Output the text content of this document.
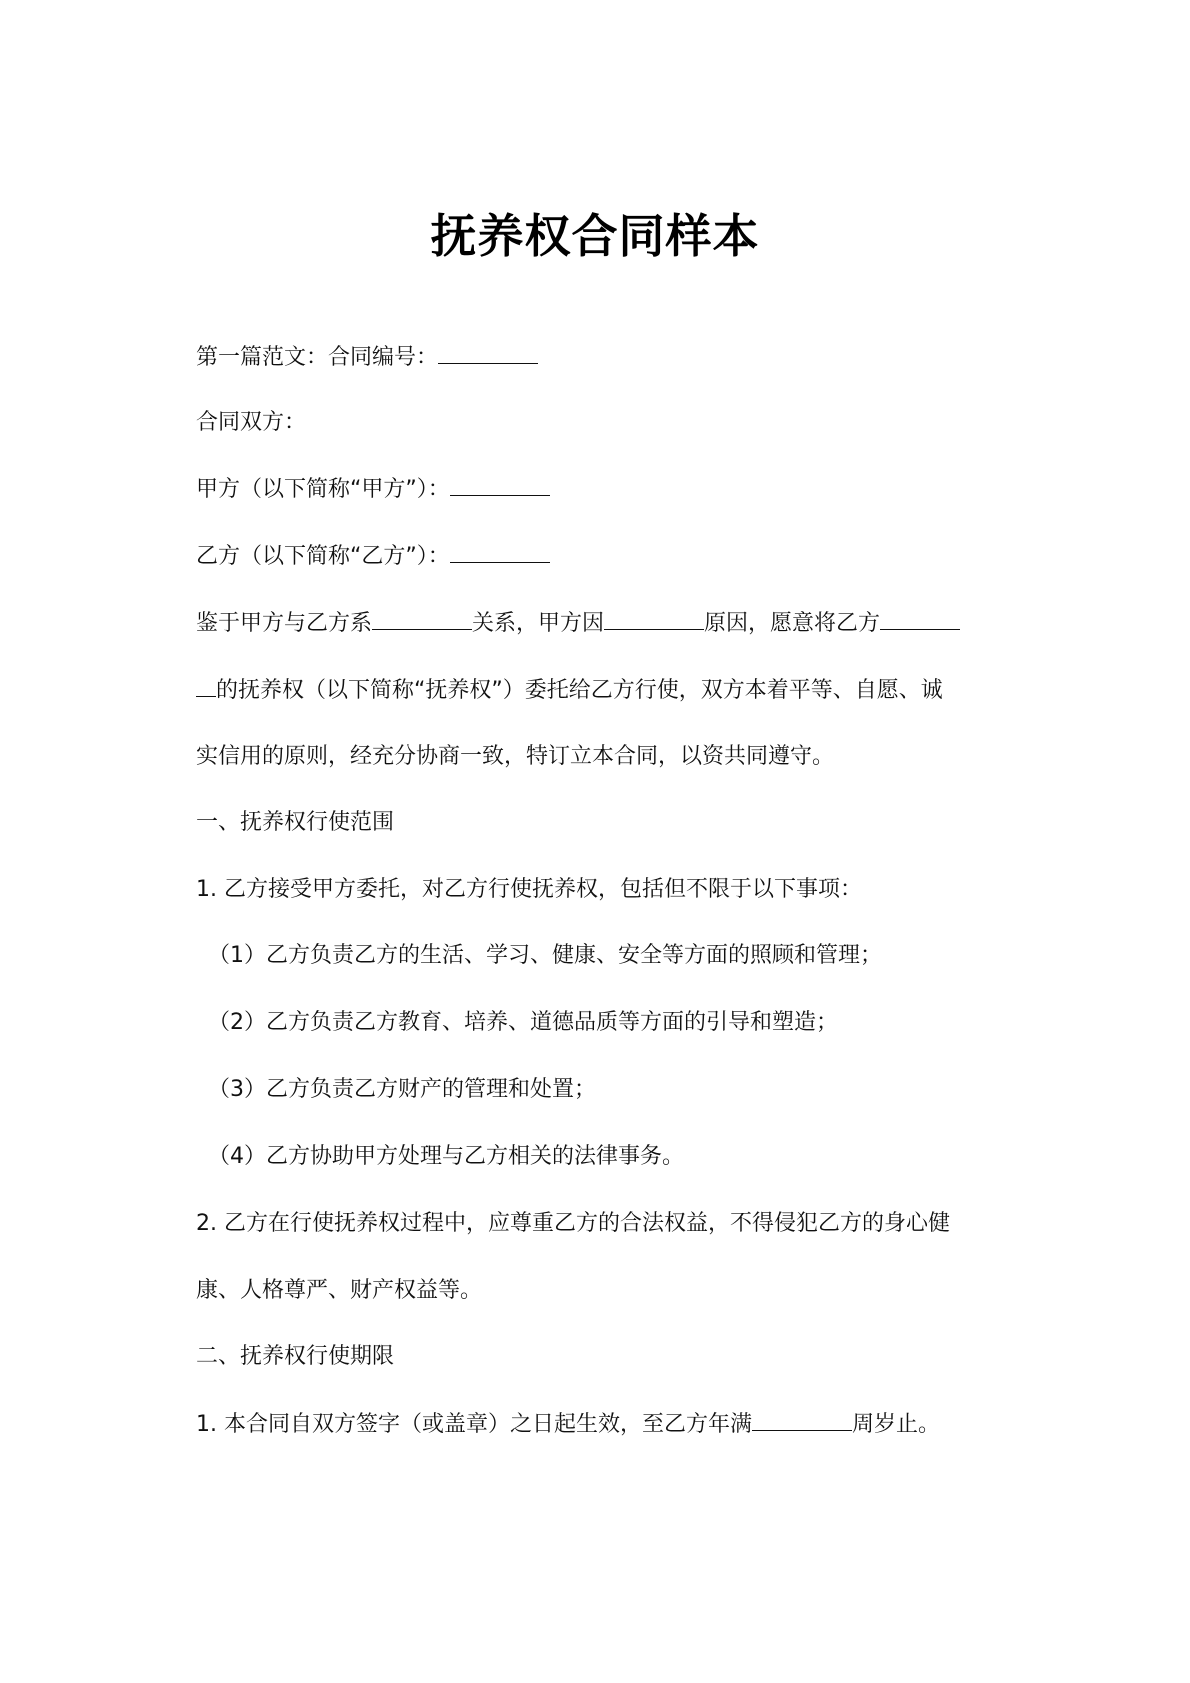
抚养权合同样本

第一篇范文：合同编号：

合同双方：

甲方（以下简称“甲方”）：

乙方（以下简称“乙方”）：

鉴于甲方与乙方系	关系，甲方因	原因，愿意将乙方

的抚养权（以下简称“抚养权”）委托给乙方行使，双方本着平等、自愿、诚

实信用的原则，经充分协商一致，特订立本合同，以资共同遵守。

一、抚养权行使范围

1. 乙方接受甲方委托，对乙方行使抚养权，包括但不限于以下事项：

（1）乙方负责乙方的生活、学习、健康、安全等方面的照顾和管理；

（2）乙方负责乙方教育、培养、道德品质等方面的引导和塑造；

（3）乙方负责乙方财产的管理和处置；

（4）乙方协助甲方处理与乙方相关的法律事务。

2. 乙方在行使抚养权过程中，应尊重乙方的合法权益，不得侵犯乙方的身心健

康、人格尊严、财产权益等。

二、抚养权行使期限

1. 本合同自双方签字（或盖章）之日起生效，至乙方年满	周岁止。
